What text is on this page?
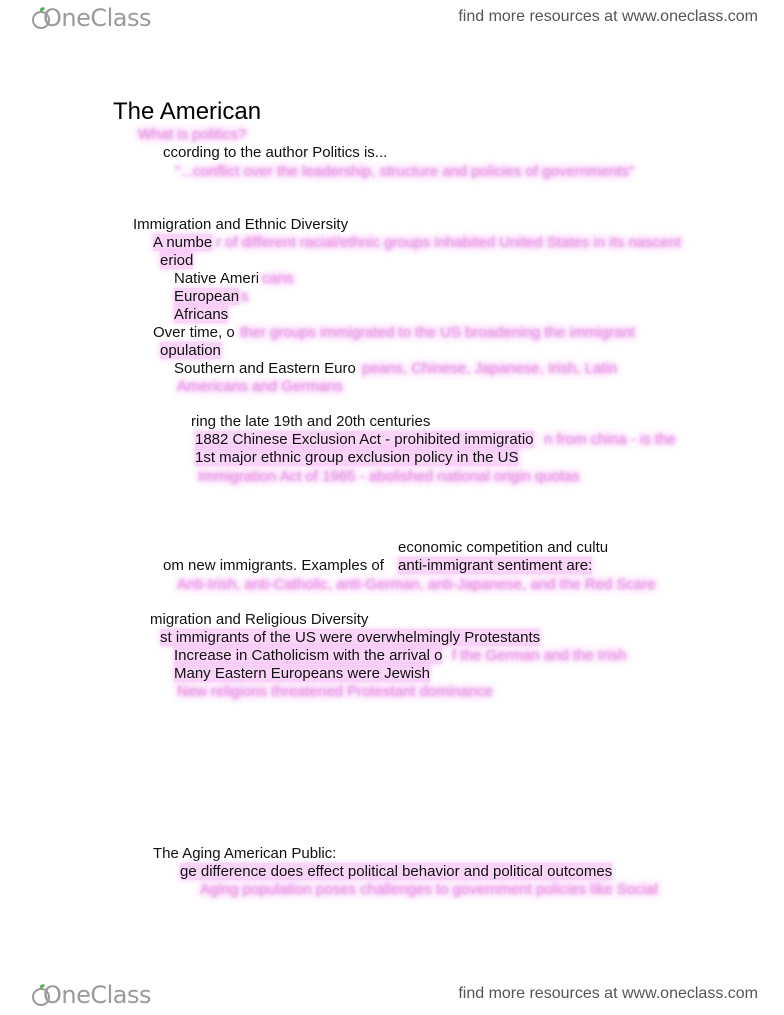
OneClass	find more resources at www.oneclass.com
The American
What is politics?
ccording to the author Politics is...
"...conflict over the leadership, structure and policies of governments"
Immigration and Ethnic Diversity
A numbe r of different racial/ethnic groups inhabited United States in its nascent
eriod
Native Ameri cans
European s
Africans
Over time, o ther groups immigrated to the US broadening the immigrant
opulation
Southern and Eastern Euro peans, Chinese, Japanese, Irish, Latin
Americans and Germans
ring the late 19th and 20th centuries
1882 Chinese Exclusion Act - prohibited immigratio n from china - is the
1st major ethnic group exclusion policy in the US
Immigration Act of 1965 - abolished national origin quotas
economic competition and cultu
om new immigrants. Examples of anti-immigrant sentiment are:
Anti-Irish, anti-Catholic, anti-German, anti-Japanese, and the Red Scare
migration and Religious Diversity
st immigrants of the US were overwhelmingly Protestants
Increase in Catholicism with the arrival o f the German and the Irish
Many Eastern Europeans were Jewish
New religions threatened Protestant dominance
The Aging American Public:
ge difference does effect political behavior and political outcomes
Aging population poses challenges to government policies like Social
OneClass	find more resources at www.oneclass.com
